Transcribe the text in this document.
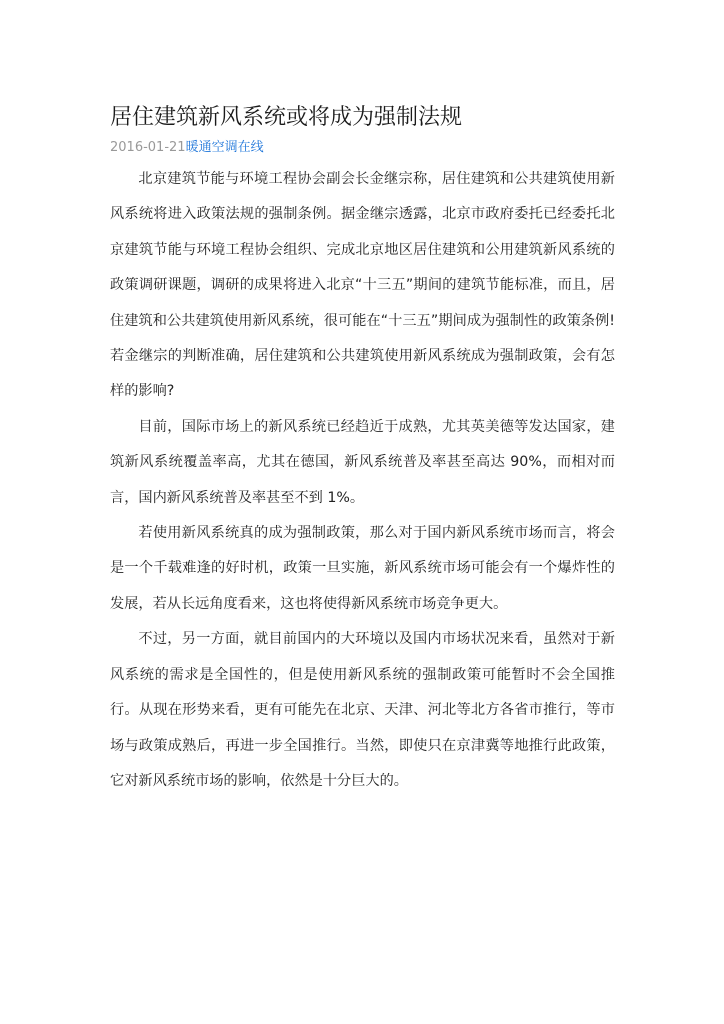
居住建筑新风系统或将成为强制法规
2016-01-21暖通空调在线

北京建筑节能与环境工程协会副会长金继宗称，居住建筑和公共建筑使用新风系统将进入政策法规的强制条例。据金继宗透露，北京市政府委托已经委托北京建筑节能与环境工程协会组织、完成北京地区居住建筑和公用建筑新风系统的政策调研课题，调研的成果将进入北京“十三五”期间的建筑节能标准，而且，居住建筑和公共建筑使用新风系统，很可能在“十三五”期间成为强制性的政策条例!若金继宗的判断准确，居住建筑和公共建筑使用新风系统成为强制政策，会有怎样的影响?

目前，国际市场上的新风系统已经趋近于成熟，尤其英美德等发达国家，建筑新风系统覆盖率高，尤其在德国，新风系统普及率甚至高达 90%，而相对而言，国内新风系统普及率甚至不到 1%。

若使用新风系统真的成为强制政策，那么对于国内新风系统市场而言，将会是一个千载难逢的好时机，政策一旦实施，新风系统市场可能会有一个爆炸性的发展，若从长远角度看来，这也将使得新风系统市场竞争更大。

不过，另一方面，就目前国内的大环境以及国内市场状况来看，虽然对于新风系统的需求是全国性的，但是使用新风系统的强制政策可能暂时不会全国推行。从现在形势来看，更有可能先在北京、天津、河北等北方各省市推行，等市场与政策成熟后，再进一步全国推行。当然，即使只在京津冀等地推行此政策，它对新风系统市场的影响，依然是十分巨大的。
